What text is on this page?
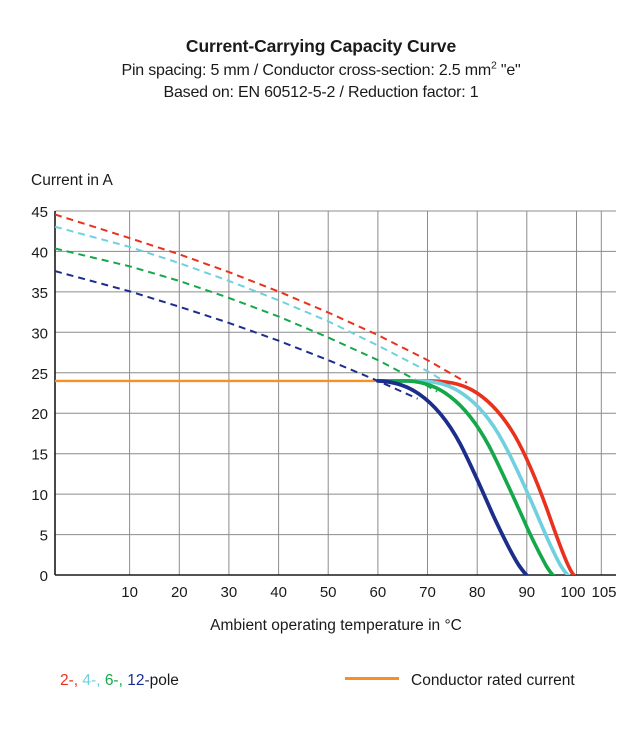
Current-Carrying Capacity Curve
Pin spacing: 5 mm / Conductor cross-section: 2.5 $mm^2$ "e"
Based on: EN 60512-5-2 / Reduction factor: 1
Current in A
45
40
35
30
25
20
15
10
5
0
10 20 30 40 50 60 70 80 90 100 105
Ambient operating temperature in °C
2-, 4-, 6-, 12-pole	Conductor rated current
